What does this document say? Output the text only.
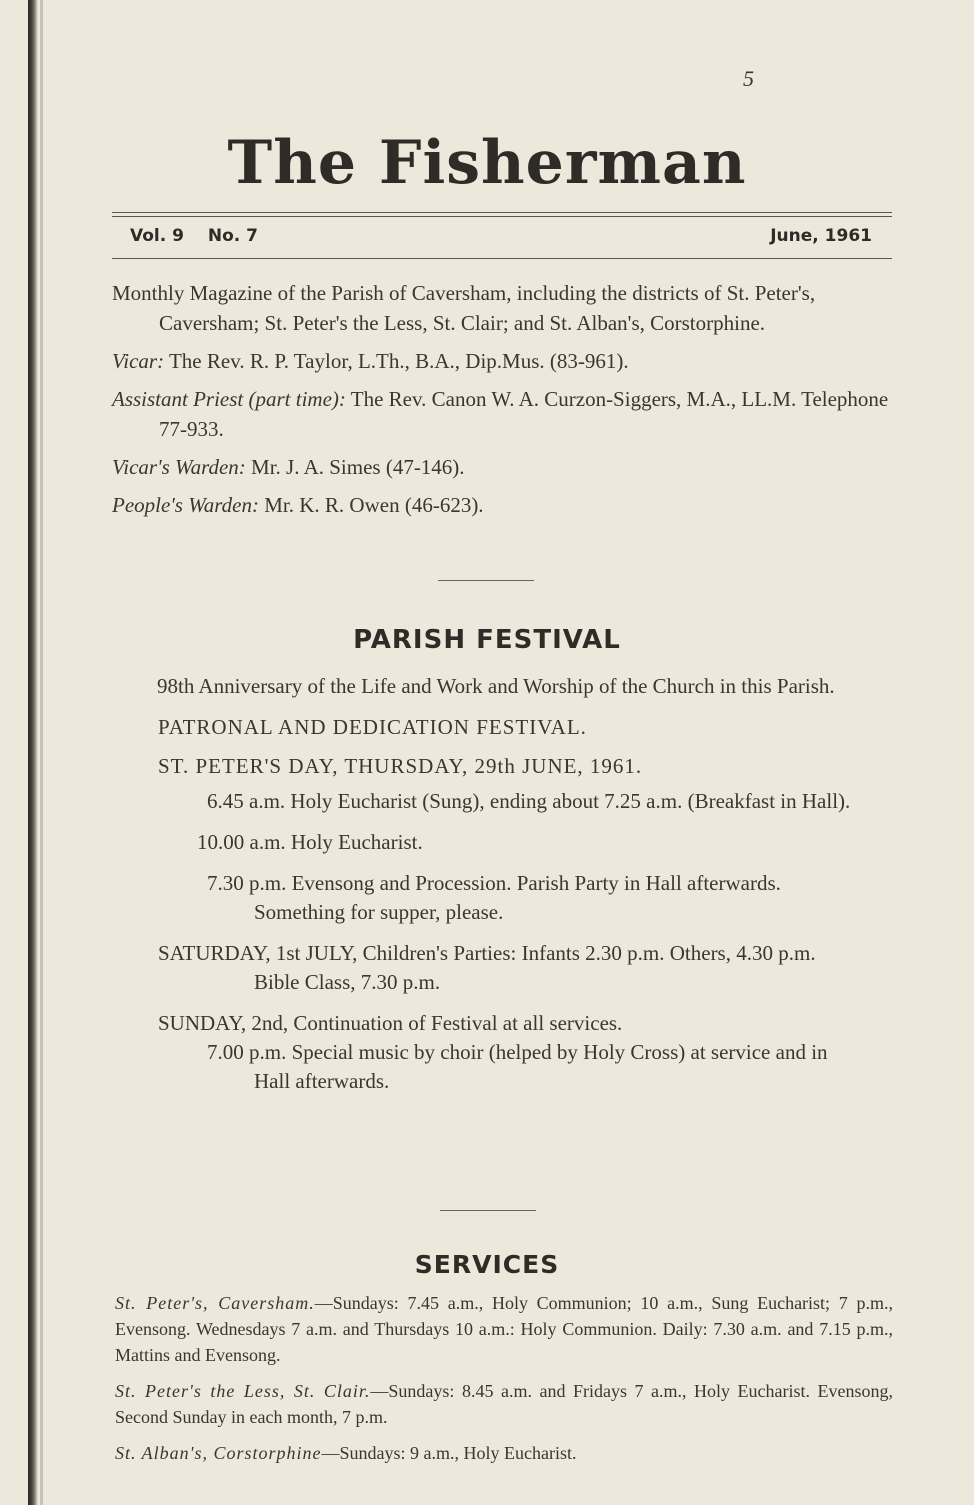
5
The Fisherman
Vol. 9 No. 7	June, 1961

Monthly Magazine of the Parish of Caversham, including the districts of St. Peter's, Caversham; St. Peter's the Less, St. Clair; and St. Alban's, Corstorphine.

Vicar: The Rev. R. P. Taylor, L.Th., B.A., Dip.Mus. (83-961).

Assistant Priest (part time): The Rev. Canon W. A. Curzon-Siggers, M.A., LL.M. Telephone 77-933.

Vicar's Warden: Mr. J. A. Simes (47-146).

People's Warden: Mr. K. R. Owen (46-623).

PARISH FESTIVAL

98th Anniversary of the Life and Work and Worship of the Church in this Parish.

PATRONAL AND DEDICATION FESTIVAL.

ST. PETER'S DAY, THURSDAY, 29th JUNE, 1961.

6.45 a.m. Holy Eucharist (Sung), ending about 7.25 a.m. (Breakfast in Hall).

10.00 a.m. Holy Eucharist.

7.30 p.m. Evensong and Procession. Parish Party in Hall afterwards. Something for supper, please.

SATURDAY, 1st JULY, Children's Parties: Infants 2.30 p.m. Others, 4.30 p.m. Bible Class, 7.30 p.m.

SUNDAY, 2nd, Continuation of Festival at all services.

7.00 p.m. Special music by choir (helped by Holy Cross) at service and in Hall afterwards.

SERVICES

St. Peter's, Caversham.—Sundays: 7.45 a.m., Holy Communion; 10 a.m., Sung Eucharist; 7 p.m., Evensong. Wednesdays 7 a.m. and Thursdays 10 a.m.: Holy Communion. Daily: 7.30 a.m. and 7.15 p.m., Mattins and Evensong.

St. Peter's the Less, St. Clair.—Sundays: 8.45 a.m. and Fridays 7 a.m., Holy Eucharist. Evensong, Second Sunday in each month, 7 p.m.

St. Alban's, Corstorphine—Sundays: 9 a.m., Holy Eucharist.
